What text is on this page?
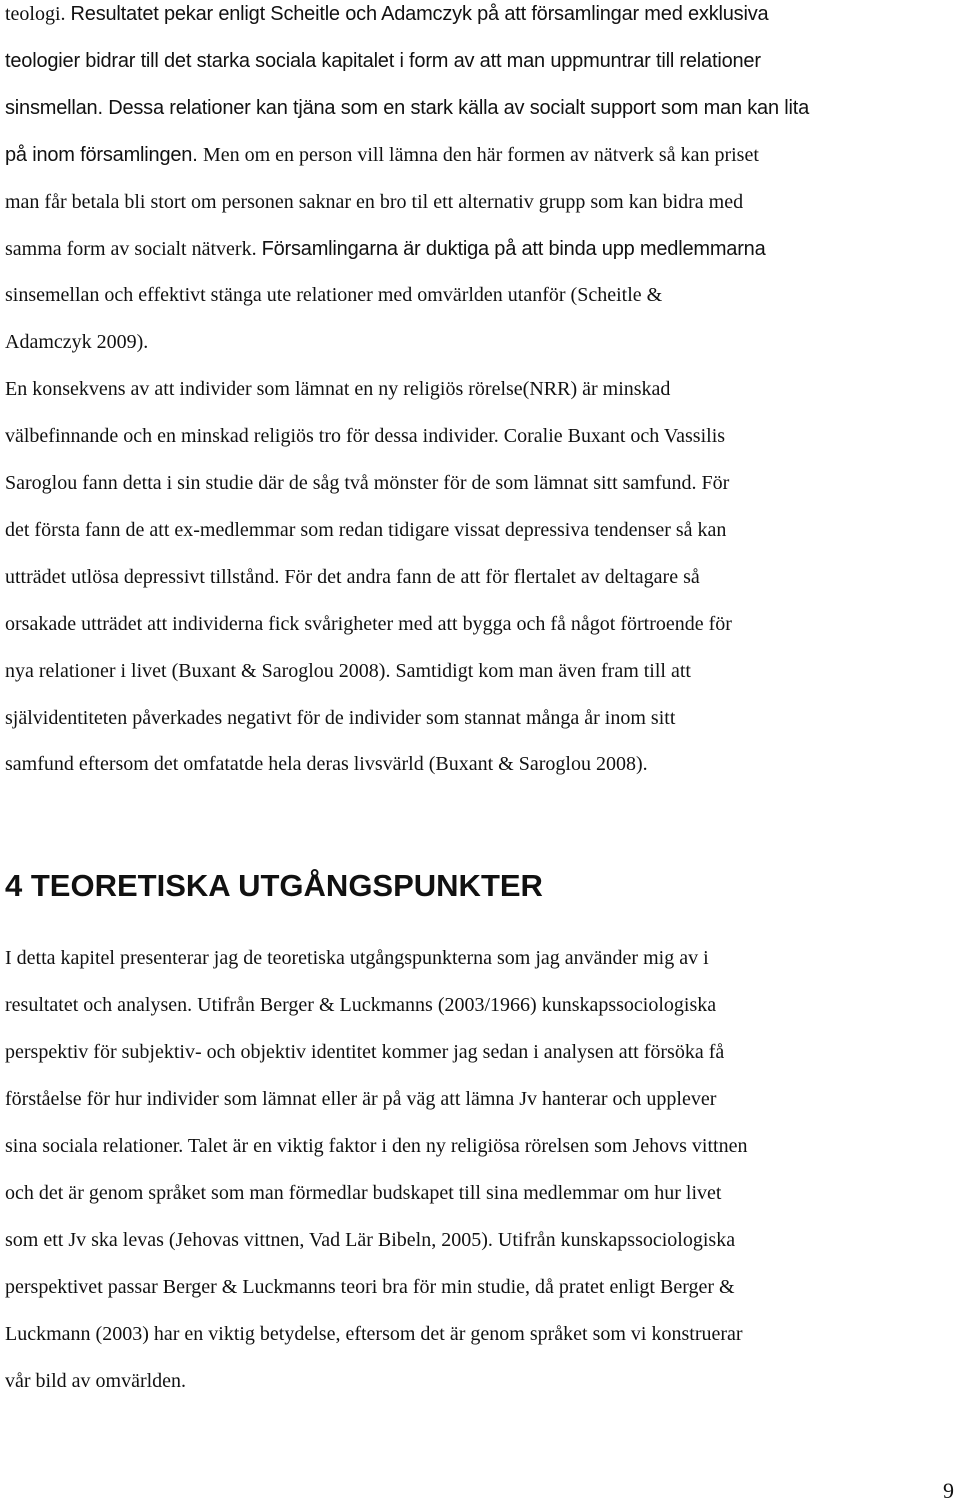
teologi. Resultatet pekar enligt Scheitle och Adamczyk på att församlingar med exklusiva
teologier bidrar till det starka sociala kapitalet i form av att man uppmuntrar till relationer
sinsmellan. Dessa relationer kan tjäna som en stark källa av socialt support som man kan lita
på inom församlingen. Men om en person vill lämna den här formen av nätverk så kan priset
man får betala bli stort om personen saknar en bro til ett alternativ grupp som kan bidra med
samma form av socialt nätverk. Församlingarna är duktiga på att binda upp medlemmarna
sinsemellan och effektivt stänga ute relationer med omvärlden utanför (Scheitle &
Adamczyk 2009).
En konsekvens av att individer som lämnat en ny religiös rörelse(NRR) är minskad
välbefinnande och en minskad religiös tro för dessa individer. Coralie Buxant och Vassilis
Saroglou fann detta i sin studie där de såg två mönster för de som lämnat sitt samfund. För
det första fann de att ex-medlemmar som redan tidigare vissat depressiva tendenser så kan
utträdet utlösa depressivt tillstånd. För det andra fann de att för flertalet av deltagare så
orsakade utträdet att individerna fick svårigheter med att bygga och få något förtroende för
nya relationer i livet (Buxant & Saroglou 2008). Samtidigt kom man även fram till att
självidentiteten påverkades negativt för de individer som stannat många år inom sitt
samfund eftersom det omfatatde hela deras livsvärld (Buxant & Saroglou 2008).
I detta kapitel presenterar jag de teoretiska utgångspunkterna som jag använder mig av i
resultatet och analysen. Utifrån Berger & Luckmanns (2003/1966) kunskapssociologiska
perspektiv för subjektiv- och objektiv identitet kommer jag sedan i analysen att försöka få
förståelse för hur individer som lämnat eller är på väg att lämna Jv hanterar och upplever
sina sociala relationer. Talet är en viktig faktor i den ny religiösa rörelsen som Jehovs vittnen
och det är genom språket som man förmedlar budskapet till sina medlemmar om hur livet
som ett Jv ska levas (Jehovas vittnen, Vad Lär Bibeln, 2005). Utifrån kunskapssociologiska
perspektivet passar Berger & Luckmanns teori bra för min studie, då pratet enligt Berger &
Luckmann (2003) har en viktig betydelse, eftersom det är genom språket som vi konstruerar
vår bild av omvärlden.
4 TEORETISKA UTGÅNGSPUNKTER
9
